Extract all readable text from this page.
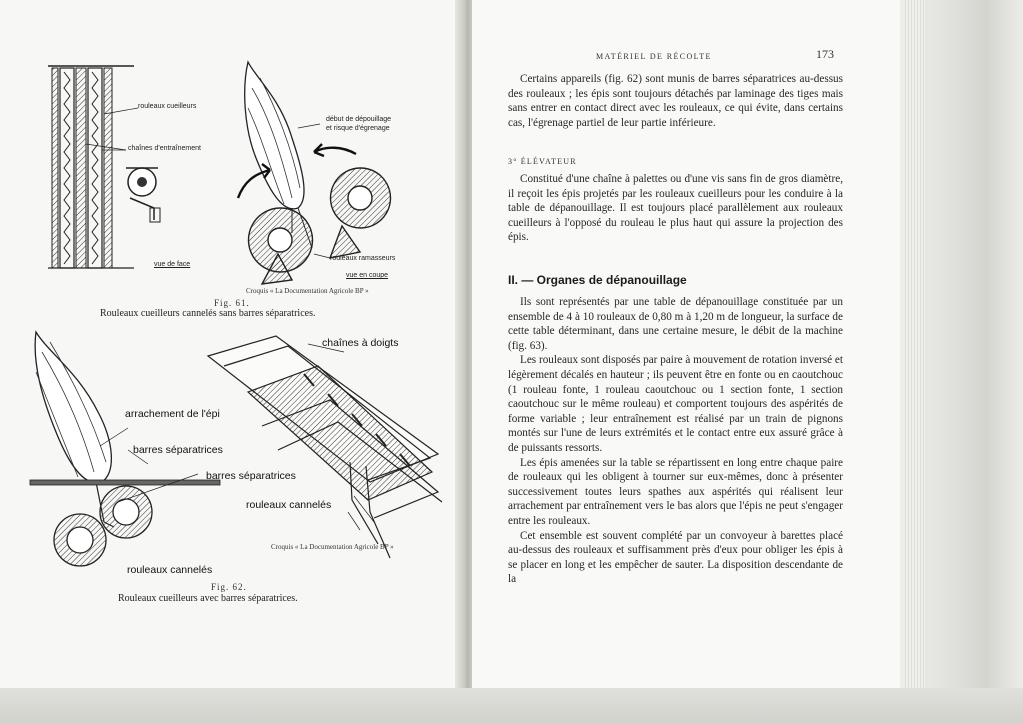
rouleaux cueilleurs
chaînes d'entraînement
vue de face
début de dépouillage
et risque d'égrenage
rouleaux ramasseurs
vue en coupe
Croquis « La Documentation Agricole BP »
Fig. 61.
Rouleaux cueilleurs cannelés sans barres séparatrices.
chaînes à doigts
arrachement de l'épi
barres séparatrices
barres séparatrices
rouleaux cannelés
rouleaux cannelés
Croquis « La Documentation Agricole BP »
Fig. 62.
Rouleaux cueilleurs avec barres séparatrices.
MATÉRIEL DE RÉCOLTE	173

Certains appareils (fig. 62) sont munis de barres séparatrices au-dessus des rouleaux ; les épis sont toujours détachés par laminage des tiges mais sans entrer en contact direct avec les rouleaux, ce qui évite, dans certains cas, l'égrenage partiel de leur partie inférieure.

3° ÉLÉVATEUR

Constitué d'une chaîne à palettes ou d'une vis sans fin de gros diamètre, il reçoit les épis projetés par les rouleaux cueilleurs pour les conduire à la table de dépanouillage. Il est toujours placé parallèlement aux rouleaux cueilleurs à l'opposé du rouleau le plus haut qui assure la projection des épis.

II. — Organes de dépanouillage

Ils sont représentés par une table de dépanouillage constituée par un ensemble de 4 à 10 rouleaux de 0,80 m à 1,20 m de longueur, la surface de cette table déterminant, dans une certaine mesure, le débit de la machine (fig. 63).

Les rouleaux sont disposés par paire à mouvement de rotation inversé et légèrement décalés en hauteur ; ils peuvent être en fonte ou en caoutchouc (1 rouleau fonte, 1 rouleau caoutchouc ou 1 section fonte, 1 section caoutchouc sur le même rouleau) et comportent toujours des aspérités de forme variable ; leur entraînement est réalisé par un train de pignons montés sur l'une de leurs extrémités et le contact entre eux assuré grâce à de puissants ressorts.

Les épis amenées sur la table se répartissent en long entre chaque paire de rouleaux qui les obligent à tourner sur eux-mêmes, donc à présenter successivement toutes leurs spathes aux aspérités qui réalisent leur arrachement par entraînement vers le bas alors que l'épis ne peut s'engager entre les rouleaux.

Cet ensemble est souvent complété par un convoyeur à barettes placé au-dessus des rouleaux et suffisamment près d'eux pour obliger les épis à se placer en long et les empêcher de sauter. La disposition descendante de la
